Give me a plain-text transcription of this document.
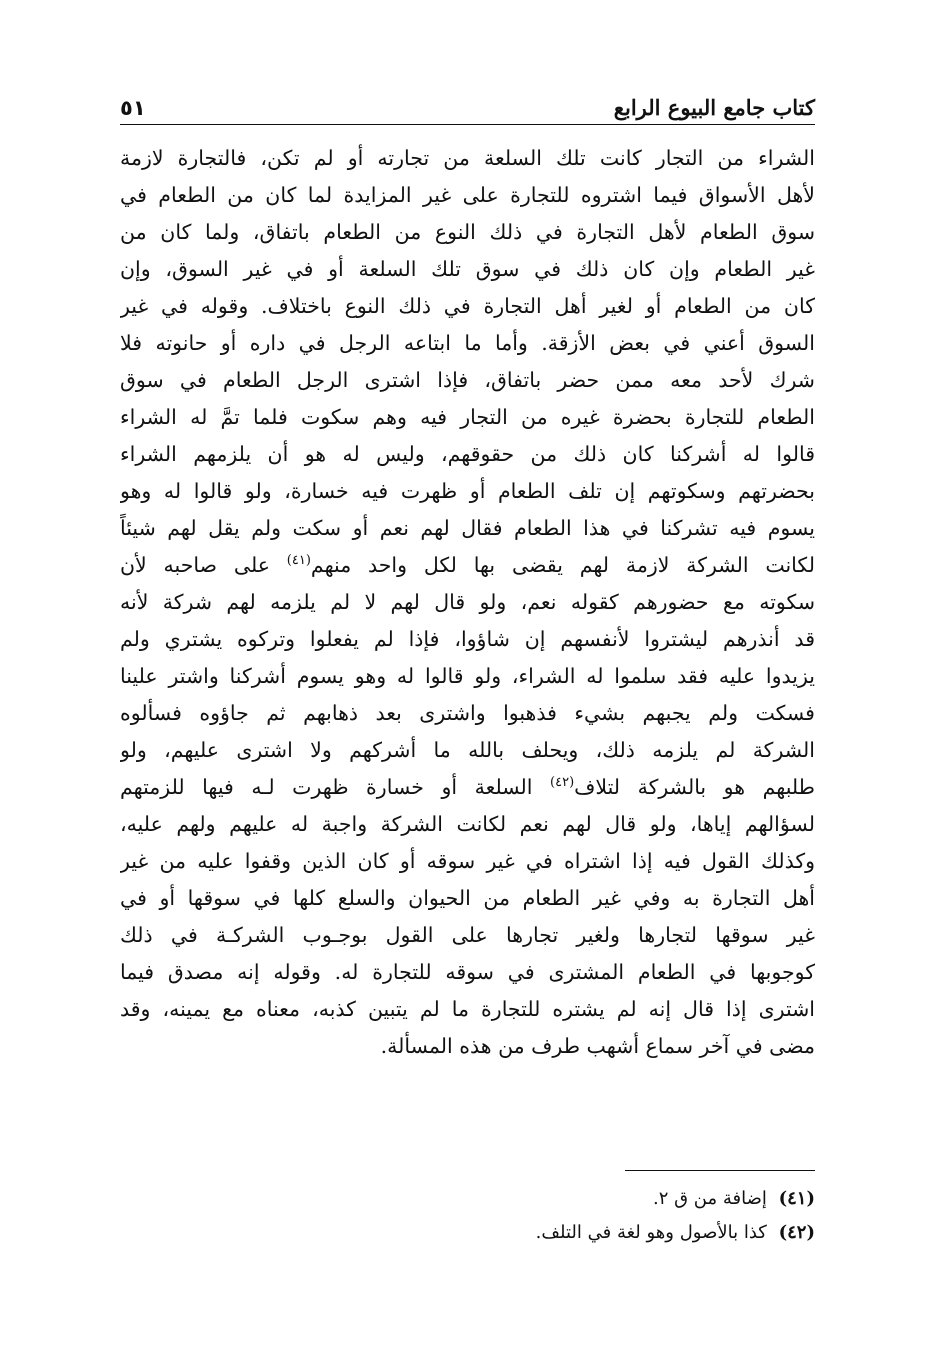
كتاب جامع البيوع الرابع
٥١
الشراء من التجار كانت تلك السلعة من تجارته أو لم تكن، فالتجارة لازمة
لأهل الأسواق فيما اشتروه للتجارة على غير المزايدة لما كان من الطعام في
سوق الطعام لأهل التجارة في ذلك النوع من الطعام باتفاق، ولما كان من
غير الطعام وإن كان ذلك في سوق تلك السلعة أو في غير السوق، وإن
كان من الطعام أو لغير أهل التجارة في ذلك النوع باختلاف. وقوله في غير
السوق أعني في بعض الأزقة. وأما ما ابتاعه الرجل في داره أو حانوته فلا
شرك لأحد معه ممن حضر باتفاق، فإذا اشترى الرجل الطعام في سوق
الطعام للتجارة بحضرة غيره من التجار فيه وهم سكوت فلما تمَّ له الشراء
قالوا له أشركنا كان ذلك من حقوقهم، وليس له هو أن يلزمهم الشراء
بحضرتهم وسكوتهم إن تلف الطعام أو ظهرت فيه خسارة، ولو قالوا له وهو
يسوم فيه تشركنا في هذا الطعام فقال لهم نعم أو سكت ولم يقل لهم شيئاً
لكانت الشركة لازمة لهم يقضى بها لكل واحد منهم$^{(٤١)}$ على صاحبه لأن
سكوته مع حضورهم كقوله نعم، ولو قال لهم لا لم يلزمه لهم شركة لأنه
قد أنذرهم ليشتروا لأنفسهم إن شاؤوا، فإذا لم يفعلوا وتركوه يشتري ولم
يزيدوا عليه فقد سلموا له الشراء، ولو قالوا له وهو يسوم أشركنا واشتر علينا
فسكت ولم يجبهم بشيء فذهبوا واشترى بعد ذهابهم ثم جاؤوه فسألوه
الشركة لم يلزمه ذلك، ويحلف بالله ما أشركهم ولا اشترى عليهم، ولو
طلبهم هو بالشركة لتلاف$^{(٤٢)}$ السلعة أو خسارة ظهرت لـه فيها للزمتهم
لسؤالهم إياها، ولو قال لهم نعم لكانت الشركة واجبة له عليهم ولهم عليه،
وكذلك القول فيه إذا اشتراه في غير سوقه أو كان الذين وقفوا عليه من غير
أهل التجارة به وفي غير الطعام من الحيوان والسلع كلها في سوقها أو في
غير سوقها لتجارها ولغير تجارها على القول بوجـوب الشركـة في ذلك
كوجوبها في الطعام المشترى في سوقه للتجارة له. وقوله إنه مصدق فيما
اشترى إذا قال إنه لم يشتره للتجارة ما لم يتبين كذبه، معناه مع يمينه، وقد
مضى في آخر سماع أشهب طرف من هذه المسألة.
(٤١) إضافة من ق ٢.
(٤٢) كذا بالأصول وهو لغة في التلف.
